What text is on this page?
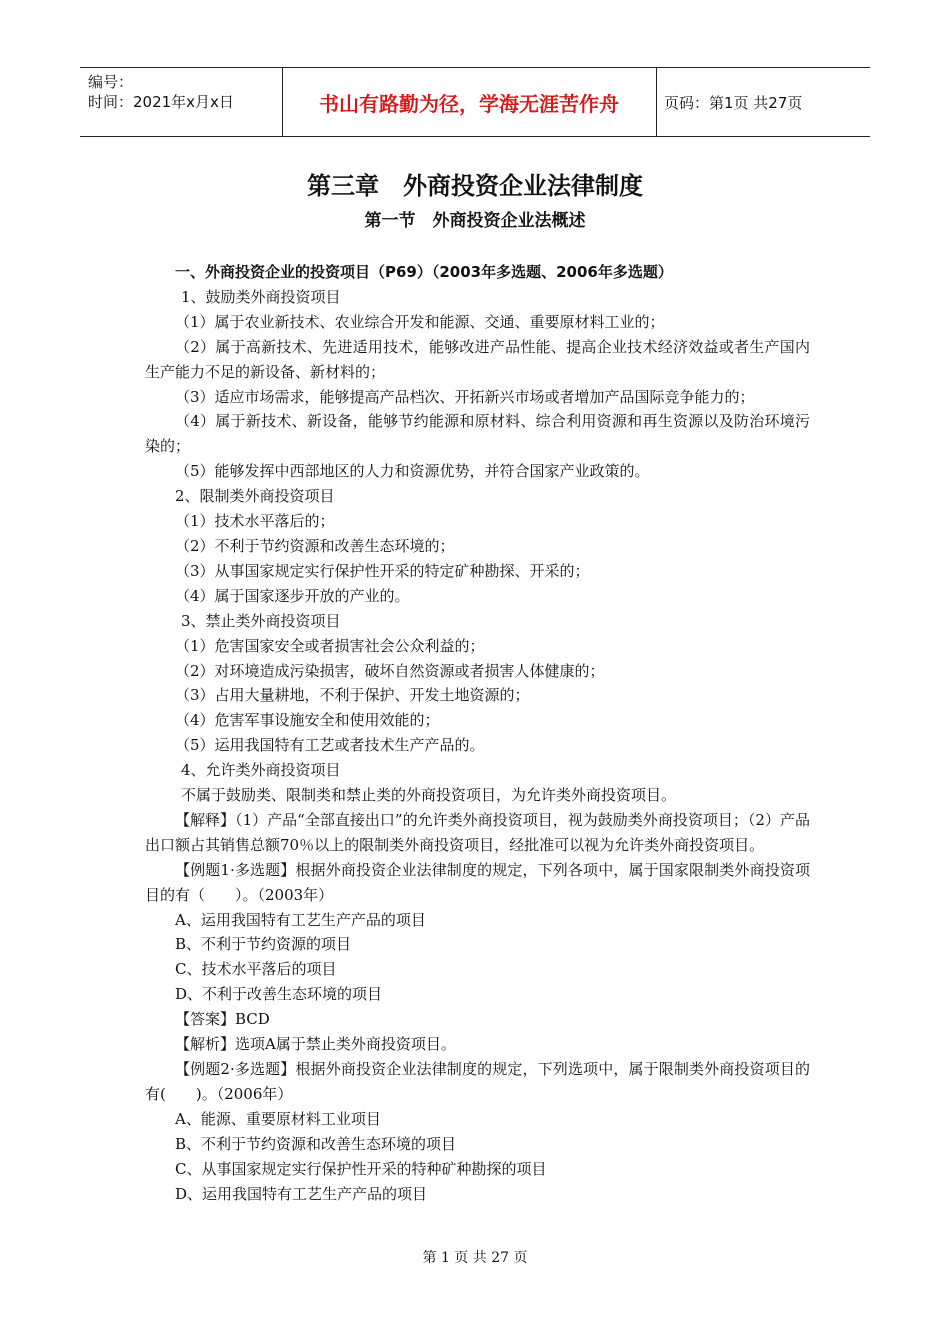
编号：
时间：2021年x月x日	书山有路勤为径，学海无涯苦作舟	页码：第1页 共27页
第三章　外商投资企业法律制度
第一节　外商投资企业法概述

一、外商投资企业的投资项目（P69）（2003年多选题、2006年多选题）

1、鼓励类外商投资项目

（1）属于农业新技术、农业综合开发和能源、交通、重要原材料工业的；

（2）属于高新技术、先进适用技术，能够改进产品性能、提高企业技术经济效益或者生产国内生产能力不足的新设备、新材料的；

（3）适应市场需求，能够提高产品档次、开拓新兴市场或者增加产品国际竞争能力的；

（4）属于新技术、新设备，能够节约能源和原材料、综合利用资源和再生资源以及防治环境污染的；

（5）能够发挥中西部地区的人力和资源优势，并符合国家产业政策的。

2、限制类外商投资项目

（1）技术水平落后的；

（2）不利于节约资源和改善生态环境的；

（3）从事国家规定实行保护性开采的特定矿种勘探、开采的；

（4）属于国家逐步开放的产业的。

3、禁止类外商投资项目

（1）危害国家安全或者损害社会公众利益的；

（2）对环境造成污染损害，破坏自然资源或者损害人体健康的；

（3）占用大量耕地，不利于保护、开发土地资源的；

（4）危害军事设施安全和使用效能的；

（5）运用我国特有工艺或者技术生产产品的。

4、允许类外商投资项目

不属于鼓励类、限制类和禁止类的外商投资项目，为允许类外商投资项目。

【解释】（1）产品“全部直接出口”的允许类外商投资项目，视为鼓励类外商投资项目；（2）产品出口额占其销售总额70％以上的限制类外商投资项目，经批准可以视为允许类外商投资项目。

【例题1·多选题】根据外商投资企业法律制度的规定，下列各项中，属于国家限制类外商投资项目的有（　　）。（2003年）

A、运用我国特有工艺生产产品的项目

B、不利于节约资源的项目

C、技术水平落后的项目

D、不利于改善生态环境的项目

【答案】BCD

【解析】选项A属于禁止类外商投资项目。

【例题2·多选题】根据外商投资企业法律制度的规定，下列选项中，属于限制类外商投资项目的有(　　)。（2006年）

A、能源、重要原材料工业项目

B、不利于节约资源和改善生态环境的项目

C、从事国家规定实行保护性开采的特种矿种勘探的项目

D、运用我国特有工艺生产产品的项目

第 1 页 共 27 页
